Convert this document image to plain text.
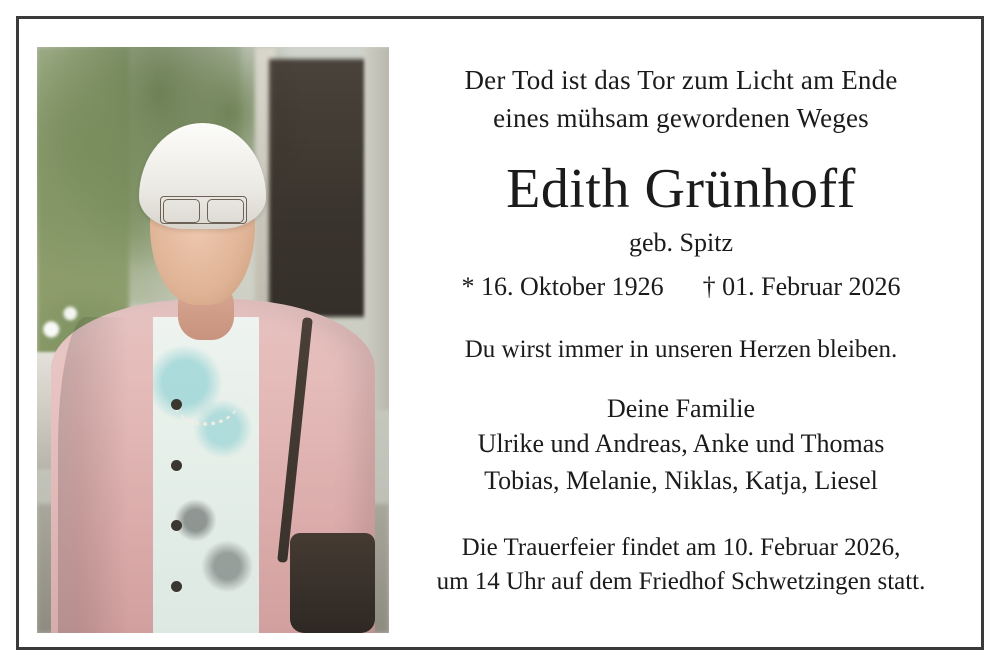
Der Tod ist das Tor zum Licht am Ende
eines mühsam gewordenen Weges
Edith Grünhoff
geb. Spitz
* 16. Oktober 1926 † 01. Februar 2026
Du wirst immer in unseren Herzen bleiben.
Deine Familie
Ulrike und Andreas, Anke und Thomas
Tobias, Melanie, Niklas, Katja, Liesel
Die Trauerfeier findet am 10. Februar 2026,
um 14 Uhr auf dem Friedhof Schwetzingen statt.
